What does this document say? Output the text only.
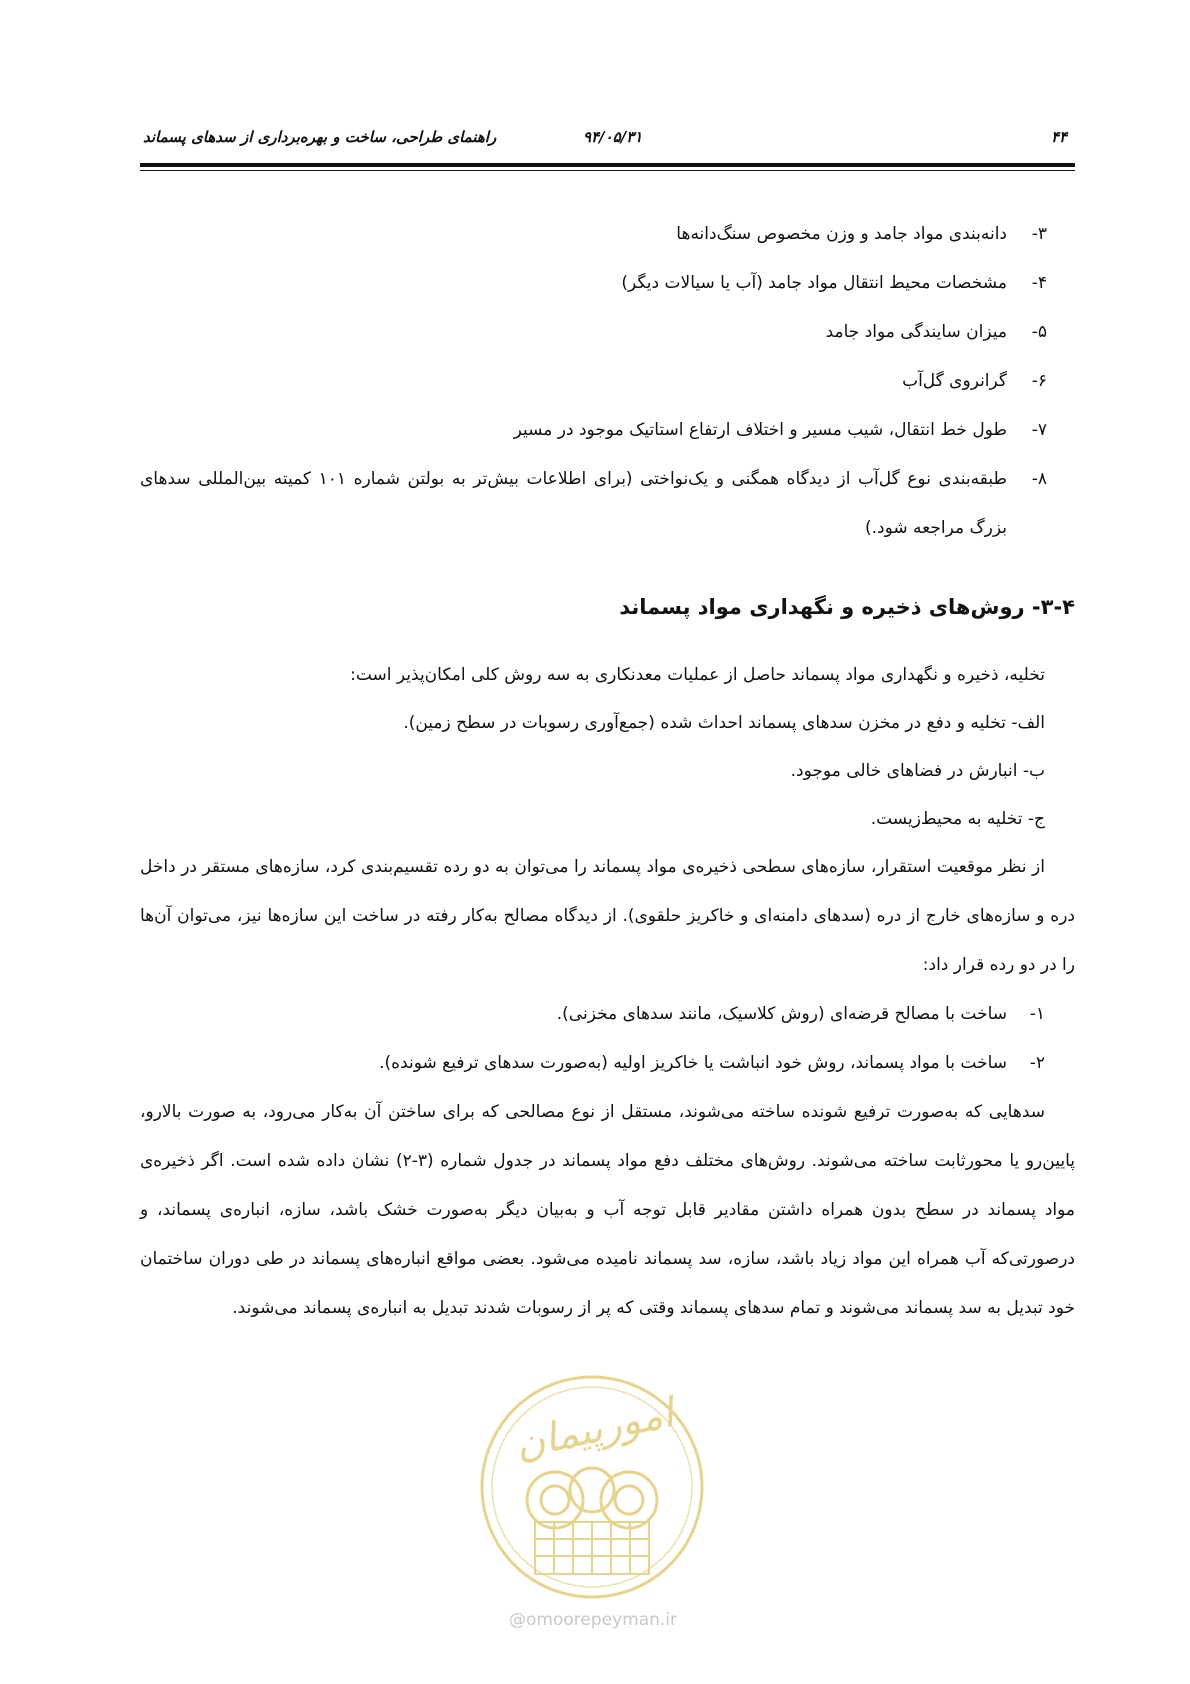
۴۴
۹۴/۰۵/۳۱
راهنمای طراحی، ساخت و بهره‌برداری از سدهای پسماند

۳-
دانه‌بندی مواد جامد و وزن مخصوص سنگ‌دانه‌ها

۴-
مشخصات محیط انتقال مواد جامد (آب یا سیالات دیگر)

۵-
میزان سایندگی مواد جامد

۶-
گرانروی گل‌آب

۷-
طول خط انتقال، شیب مسیر و اختلاف ارتفاع استاتیک موجود در مسیر

۸-
طبقه‌بندی نوع گل‌آب از دیدگاه همگنی و یک‌نواختی (برای اطلاعات بیش‌تر به بولتن شماره ۱۰۱ کمیته بین‌المللی سدهای بزرگ مراجعه شود.)

۳-۴- روش‌های ذخیره و نگهداری مواد پسماند

تخلیه، ذخیره و نگهداری مواد پسماند حاصل از عملیات معدنکاری به سه روش کلی امکان‌پذیر است:

الف- تخلیه و دفع در مخزن سدهای پسماند احداث شده (جمع‌آوری رسوبات در سطح زمین).

ب- انبارش در فضاهای خالی موجود.

ج- تخلیه به محیط‌زیست.

از نظر موقعیت استقرار، سازه‌های سطحی ذخیره‌ی مواد پسماند را می‌توان به دو رده تقسیم‌بندی کرد، سازه‌های مستقر در داخل دره و سازه‌های خارج از دره (سدهای دامنه‌ای و خاکریز حلقوی). از دیدگاه مصالح به‌کار رفته در ساخت این سازه‌ها نیز، می‌توان آن‌ها را در دو رده قرار داد:

۱-
ساخت با مصالح قرضه‌ای (روش کلاسیک، مانند سدهای مخزنی).

۲-
ساخت با مواد پسماند، روش خود انباشت یا خاکریز اولیه (به‌صورت سدهای ترفیع شونده).

سدهایی که به‌صورت ترفیع شونده ساخته می‌شوند، مستقل از نوع مصالحی که برای ساختن آن به‌کار می‌رود، به صورت بالارو، پایین‌رو یا محورثابت ساخته می‌شوند. روش‌های مختلف دفع مواد پسماند در جدول شماره (۳-۲) نشان داده شده است. اگر ذخیره‌ی مواد پسماند در سطح بدون همراه داشتن مقادیر قابل توجه آب و به‌بیان دیگر به‌صورت خشک باشد، سازه، انباره‌ی پسماند، و درصورتی‌که آب همراه این مواد زیاد باشد، سازه، سد پسماند نامیده می‌شود. بعضی مواقع انباره‌های پسماند در طی دوران ساختمان خود تبدیل به سد پسماند می‌شوند و تمام سدهای پسماند وقتی که پر از رسوبات شدند تبدیل به انباره‌ی پسماند می‌شوند.

امورپیمان
@omoorepeyman.ir
